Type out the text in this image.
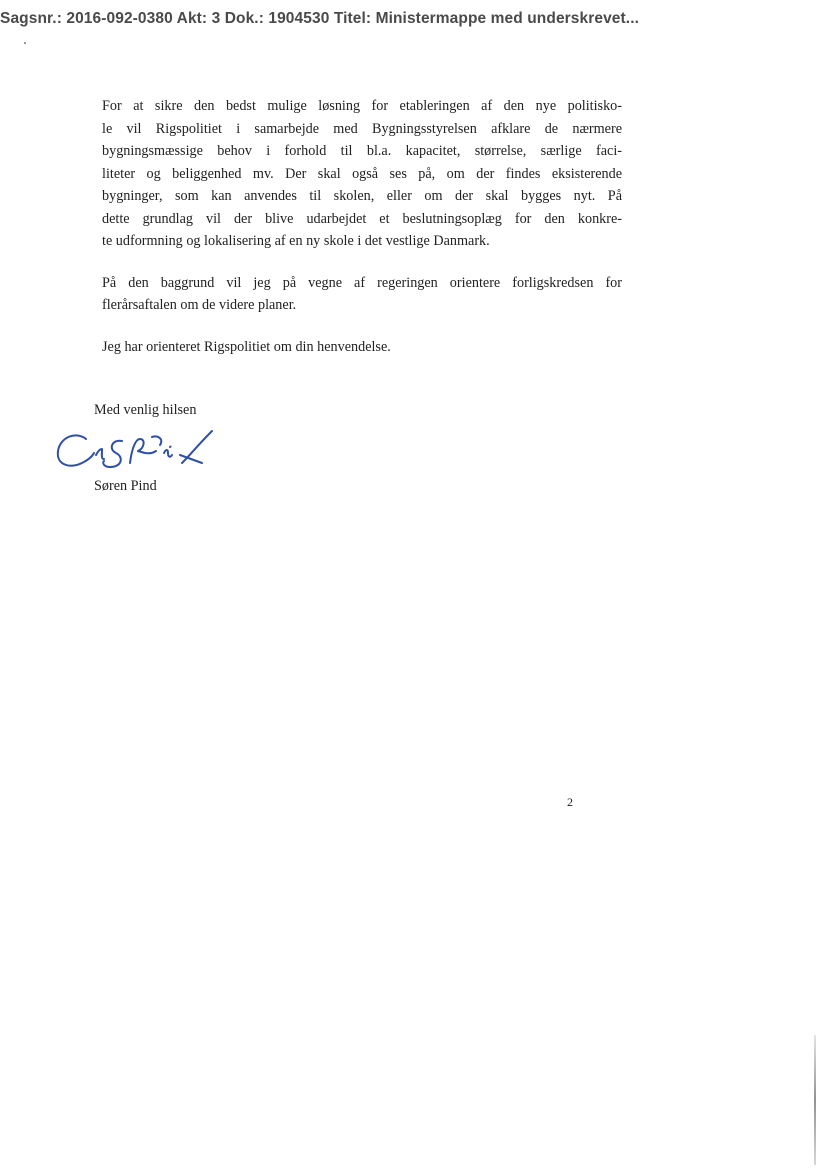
Sagsnr.: 2016-092-0380 Akt: 3 Dok.: 1904530 Titel: Ministermappe med underskrevet...

For at sikre den bedst mulige løsning for etableringen af den nye politisko-
le vil Rigspolitiet i samarbejde med Bygningsstyrelsen afklare de nærmere
bygningsmæssige behov i forhold til bl.a. kapacitet, størrelse, særlige faci-
liteter og beliggenhed mv. Der skal også ses på, om der findes eksisterende
bygninger, som kan anvendes til skolen, eller om der skal bygges nyt. På
dette grundlag vil der blive udarbejdet et beslutningsoplæg for den konkre-
te udformning og lokalisering af en ny skole i det vestlige Danmark.

På den baggrund vil jeg på vegne af regeringen orientere forligskredsen for
flerårsaftalen om de videre planer.

Jeg har orienteret Rigspolitiet om din henvendelse.

Med venlig hilsen
Søren Pind
2
